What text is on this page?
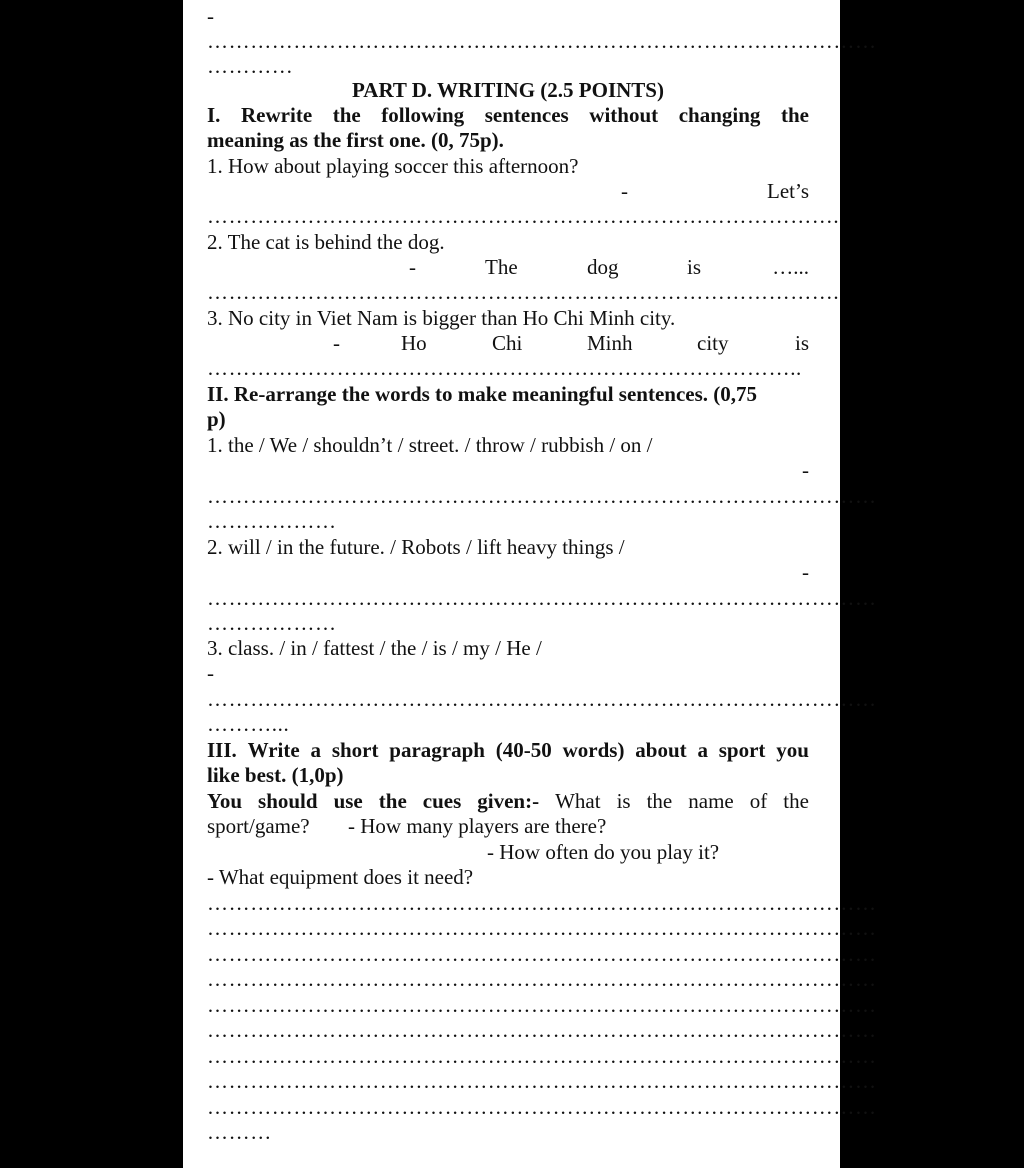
-
…………………………………………………………………………………
…………
PART D. WRITING (2.5 POINTS)
I. Rewrite the following sentences without changing the
meaning as the first one. (0, 75p).
1. How about playing soccer this afternoon?
-	Let’s
…………………………………………………………………………….
2. The cat is behind the dog.
-	The	dog	is	…...
…………………………………………………………………………….
3. No city in Viet Nam is bigger than Ho Chi Minh city.
-	Ho	Chi	Minh	city	is
………………………………………………………………………..
II. Re-arrange the words to make meaningful sentences. (0,75
p)
1. the / We / shouldn’t / street. / throw / rubbish / on /
-
…………………………………………………………………………………
………………
2. will / in the future. / Robots / lift heavy things /
-
…………………………………………………………………………………
………………
3. class. / in / fattest / the / is / my / He /
-
…………………………………………………………………………………
………...
III. Write a short paragraph (40-50 words) about a sport you
like best. (1,0p)
You should use the cues given:- What is the name of the
sport/game? - How many players are there?
- How often do you play it?
- What equipment does it need?
…………………………………………………………………………………
…………………………………………………………………………………
…………………………………………………………………………………
…………………………………………………………………………………
…………………………………………………………………………………
…………………………………………………………………………………
…………………………………………………………………………………
…………………………………………………………………………………
…………………………………………………………………………………
………
